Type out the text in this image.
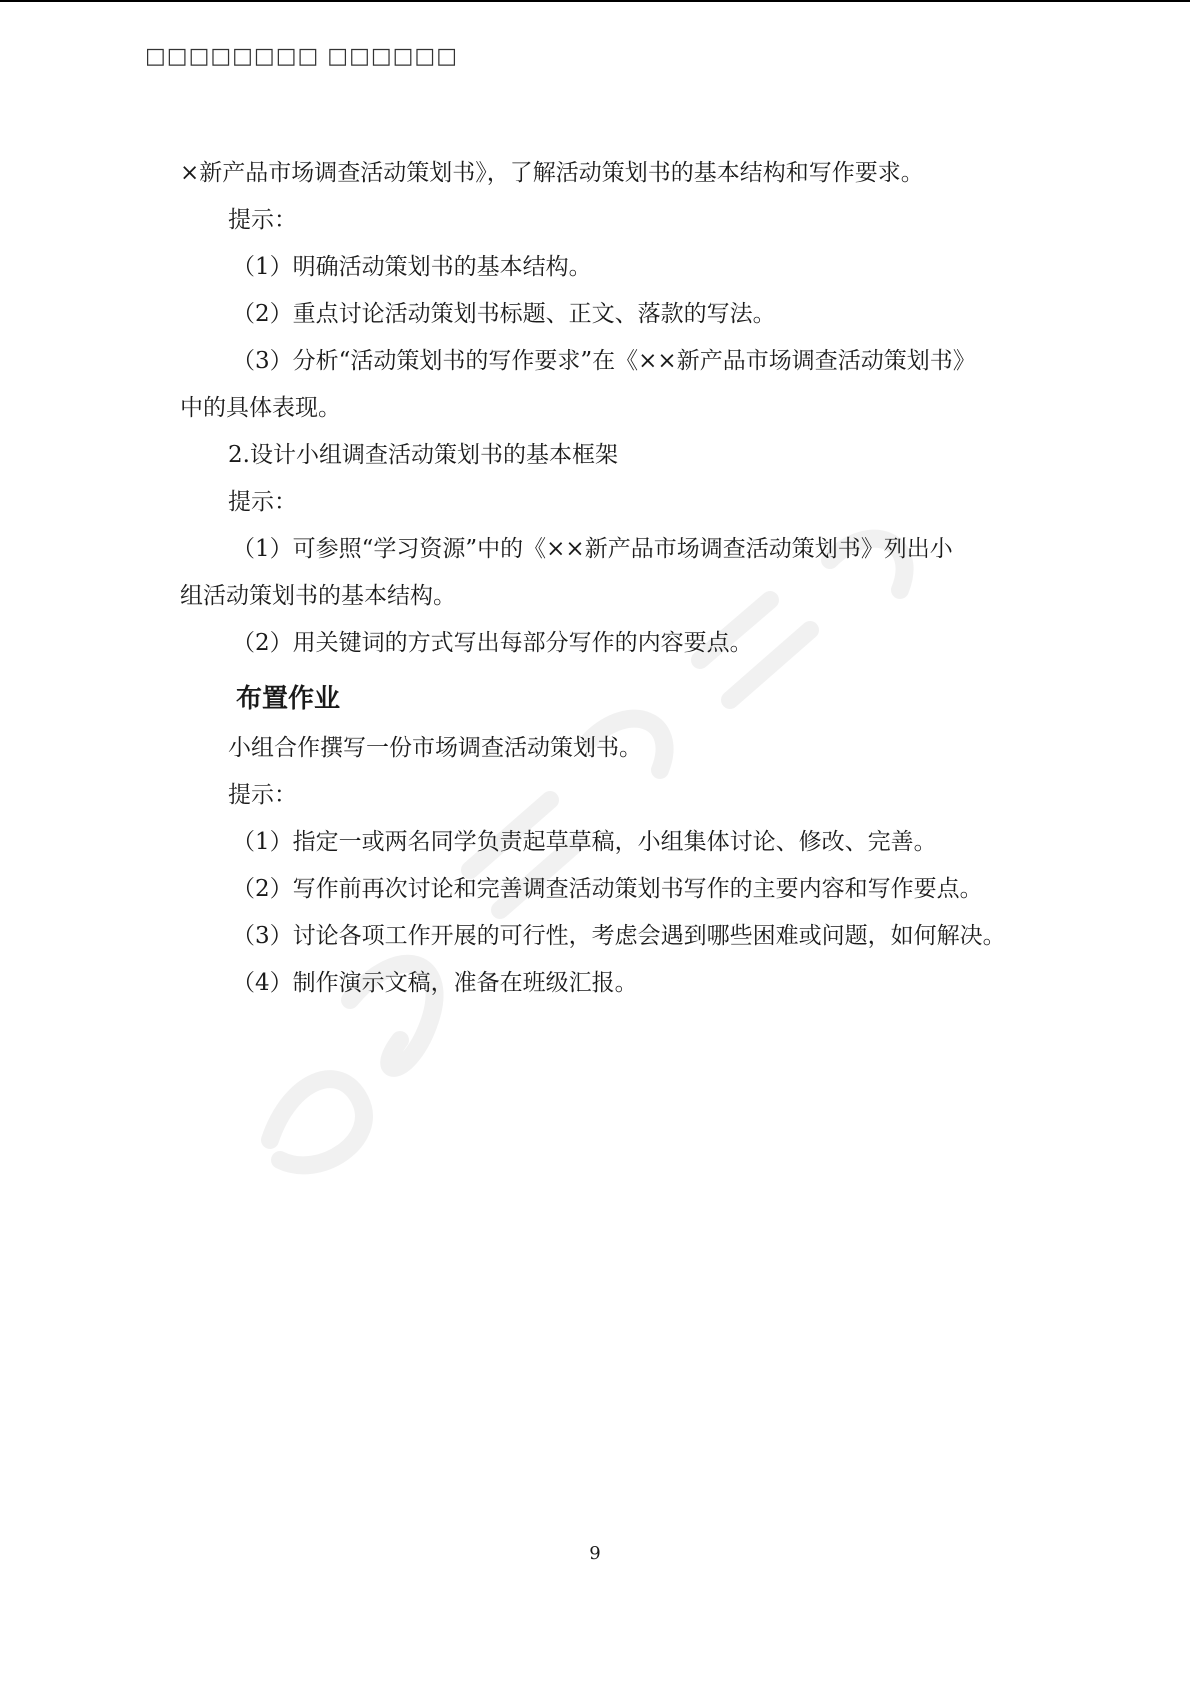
□□□□□□□□ □□□□□□

×新产品市场调查活动策划书》，了解活动策划书的基本结构和写作要求。

提示：

（1）明确活动策划书的基本结构。

（2）重点讨论活动策划书标题、正文、落款的写法。

（3）分析“活动策划书的写作要求”在《××新产品市场调查活动策划书》

中的具体表现。

2.设计小组调查活动策划书的基本框架

提示：

（1）可参照“学习资源”中的《××新产品市场调查活动策划书》列出小

组活动策划书的基本结构。

（2）用关键词的方式写出每部分写作的内容要点。

布置作业

小组合作撰写一份市场调查活动策划书。

提示：

（1）指定一或两名同学负责起草草稿，小组集体讨论、修改、完善。

（2）写作前再次讨论和完善调查活动策划书写作的主要内容和写作要点。

（3）讨论各项工作开展的可行性，考虑会遇到哪些困难或问题，如何解决。

（4）制作演示文稿，准备在班级汇报。

9
